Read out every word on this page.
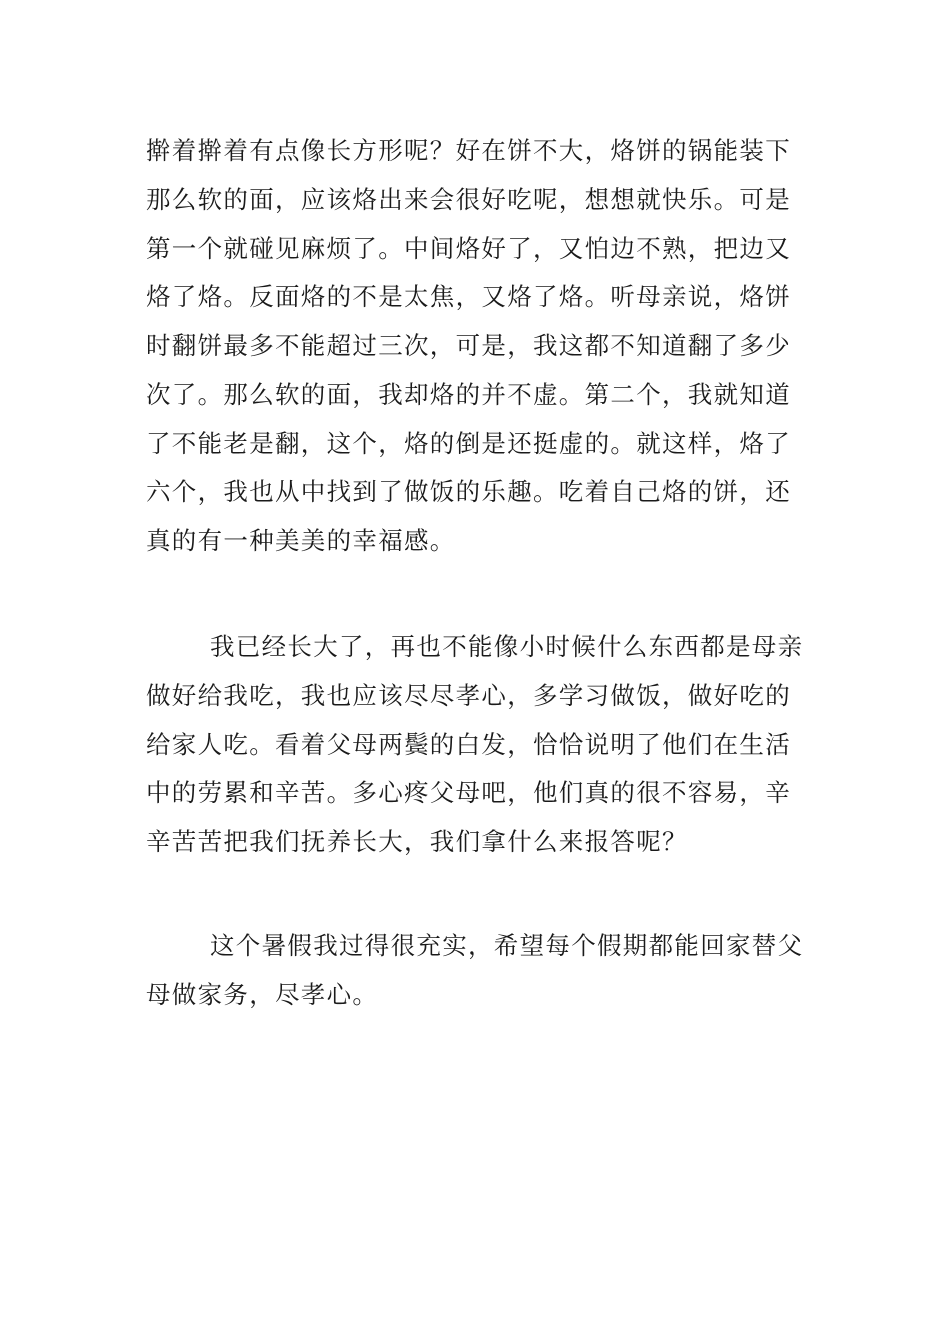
擀着擀着有点像长方形呢？好在饼不大，烙饼的锅能装下
那么软的面，应该烙出来会很好吃呢，想想就快乐。可是
第一个就碰见麻烦了。中间烙好了，又怕边不熟，把边又
烙了烙。反面烙的不是太焦，又烙了烙。听母亲说，烙饼
时翻饼最多不能超过三次，可是，我这都不知道翻了多少
次了。那么软的面，我却烙的并不虚。第二个，我就知道
了不能老是翻，这个，烙的倒是还挺虚的。就这样，烙了
六个，我也从中找到了做饭的乐趣。吃着自己烙的饼，还
真的有一种美美的幸福感。
我已经长大了，再也不能像小时候什么东西都是母亲
做好给我吃，我也应该尽尽孝心，多学习做饭，做好吃的
给家人吃。看着父母两鬓的白发，恰恰说明了他们在生活
中的劳累和辛苦。多心疼父母吧，他们真的很不容易，辛
辛苦苦把我们抚养长大，我们拿什么来报答呢？
这个暑假我过得很充实，希望每个假期都能回家替父
母做家务，尽孝心。
